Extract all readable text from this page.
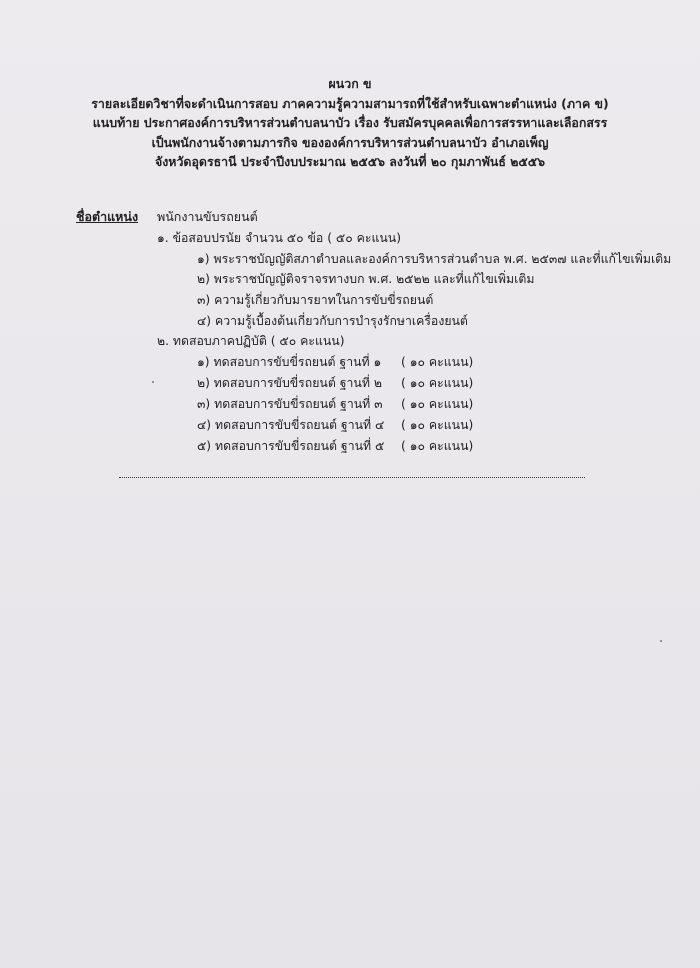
ผนวก ข
รายละเอียดวิชาที่จะดำเนินการสอบ ภาคความรู้ความสามารถที่ใช้สำหรับเฉพาะตำแหน่ง (ภาค ข)
แนบท้าย ประกาศองค์การบริหารส่วนตำบลนาบัว เรื่อง รับสมัครบุคคลเพื่อการสรรหาและเลือกสรร
เป็นพนักงานจ้างตามภารกิจ ขององค์การบริหารส่วนตำบลนาบัว อำเภอเพ็ญ
จังหวัดอุดรธานี ประจำปีงบประมาณ ๒๕๕๖ ลงวันที่ ๒๐ กุมภาพันธ์ ๒๕๕๖
ชื่อตำแหน่ง พนักงานขับรถยนต์
๑. ข้อสอบปรนัย จำนวน ๕๐ ข้อ ( ๕๐ คะแนน)
๑) พระราชบัญญัติสภาตำบลและองค์การบริหารส่วนตำบล พ.ศ. ๒๕๓๗ และที่แก้ไขเพิ่มเติม
๒) พระราชบัญญัติจราจรทางบก พ.ศ. ๒๕๒๒ และที่แก้ไขเพิ่มเติม
๓) ความรู้เกี่ยวกับมารยาทในการขับขี่รถยนต์
๔) ความรู้เบื้องต้นเกี่ยวกับการบำรุงรักษาเครื่องยนต์
๒. ทดสอบภาคปฏิบัติ ( ๕๐ คะแนน)
๑) ทดสอบการขับขี่รถยนต์ ฐานที่ ๑ ( ๑๐ คะแนน)
๒) ทดสอบการขับขี่รถยนต์ ฐานที่ ๒ ( ๑๐ คะแนน)
๓) ทดสอบการขับขี่รถยนต์ ฐานที่ ๓ ( ๑๐ คะแนน)
๔) ทดสอบการขับขี่รถยนต์ ฐานที่ ๔ ( ๑๐ คะแนน)
๕) ทดสอบการขับขี่รถยนต์ ฐานที่ ๕ ( ๑๐ คะแนน)
